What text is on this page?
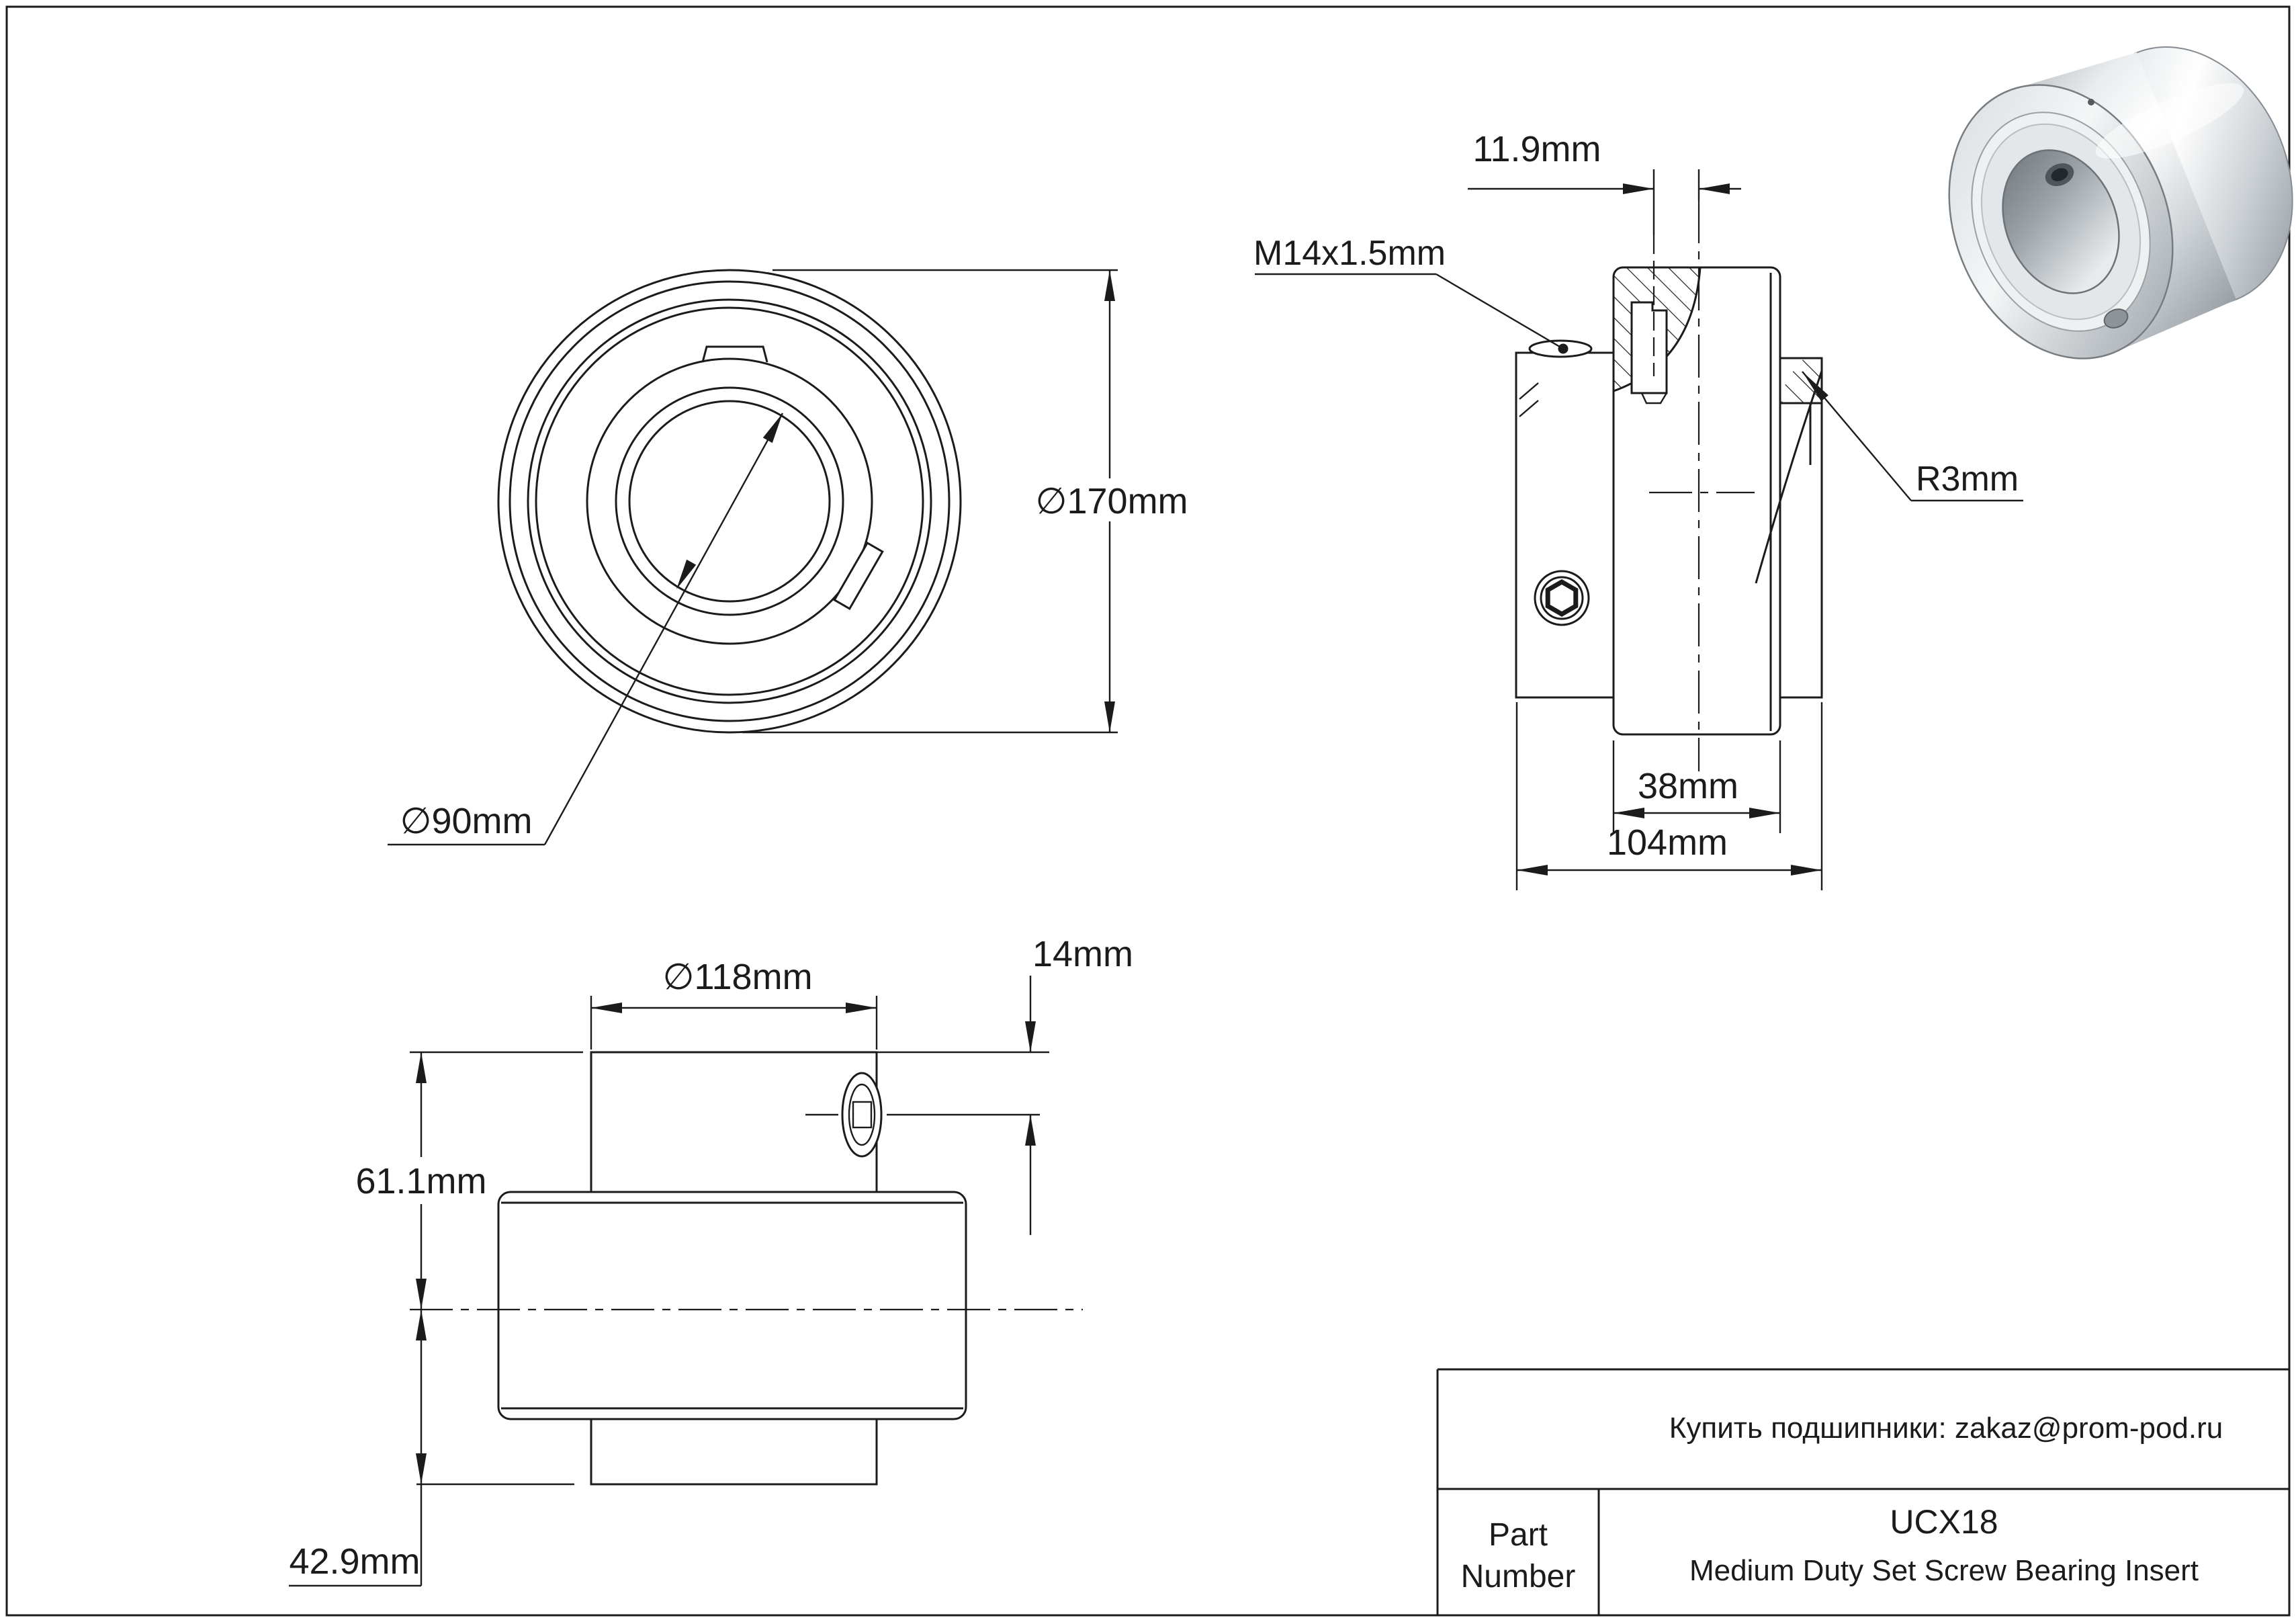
∅170mm
∅90mm
11.9mm
M14x1.5mm
R3mm
38mm
104mm
∅118mm
14mm
61.1mm
42.9mm
Купить подшипники: zakaz@prom-pod.ru
Part
Number
UCX18
Medium Duty Set Screw Bearing Insert
